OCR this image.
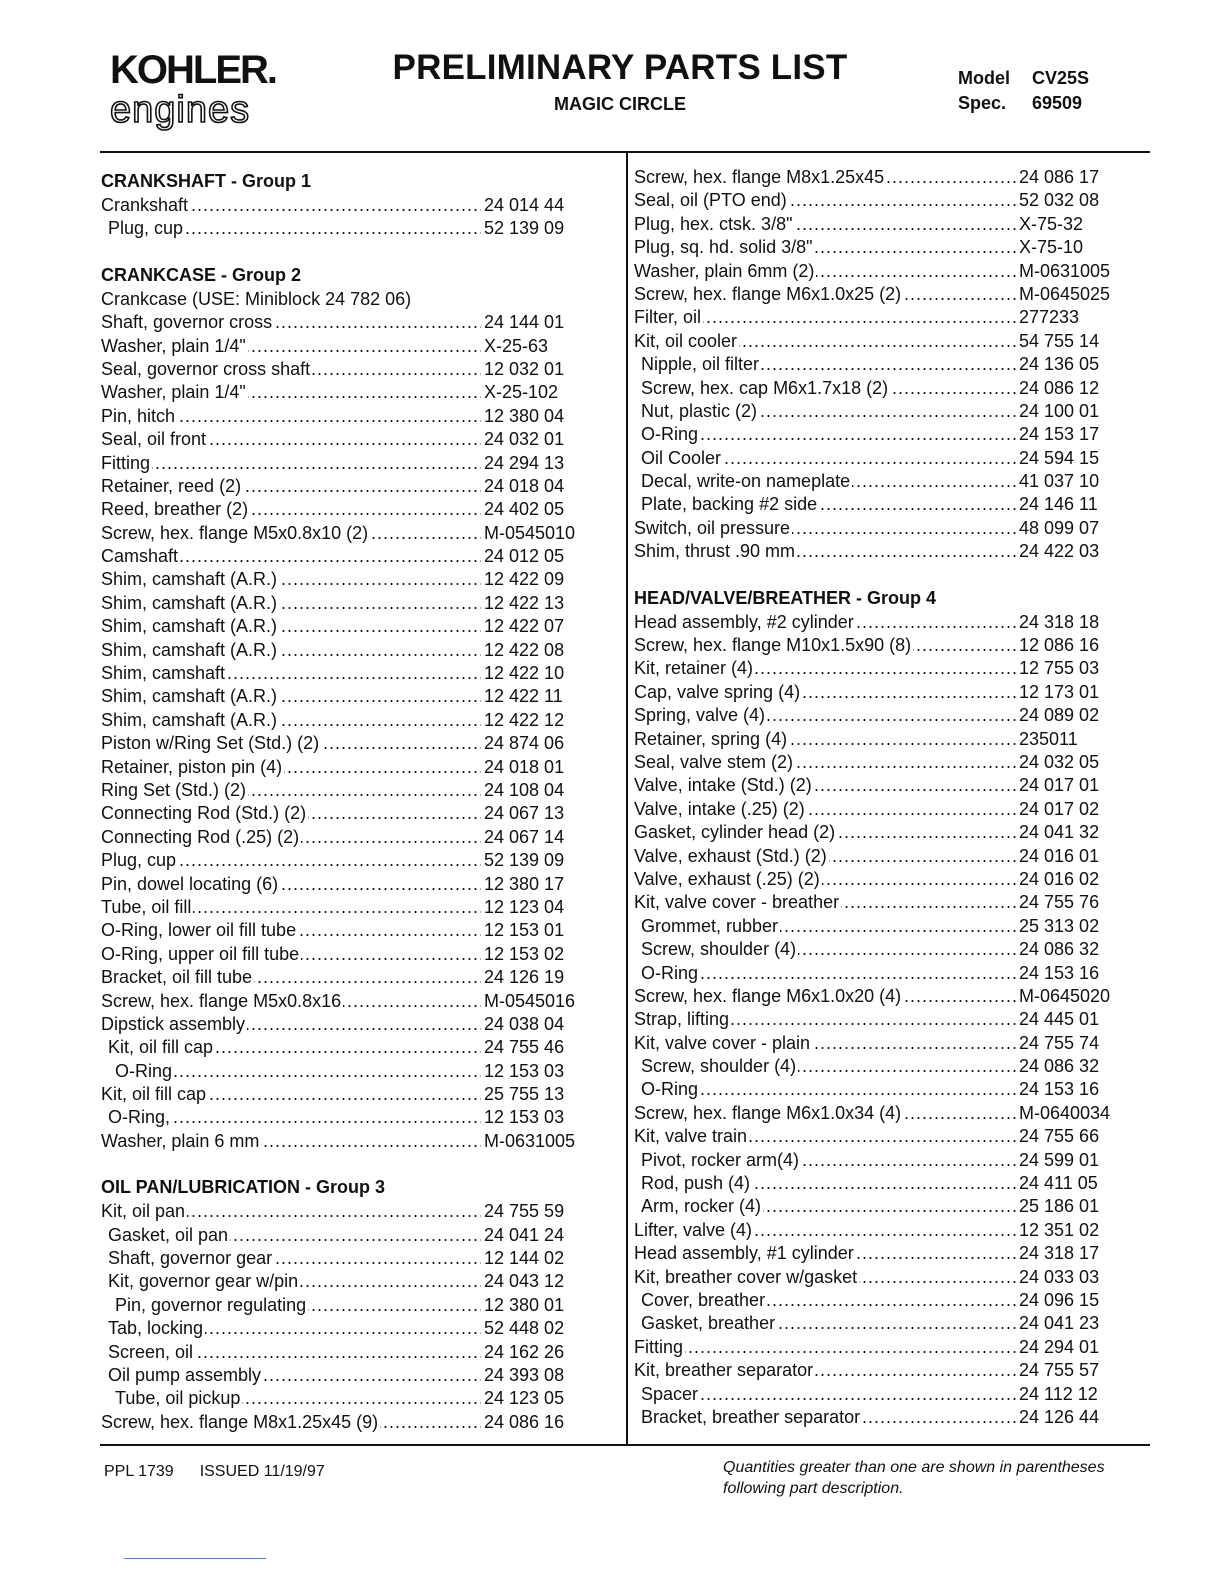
KOHLER.
engines
PRELIMINARY PARTS LIST
MAGIC CIRCLE
Model CV25S
Spec. 69509
CRANKSHAFT - Group 1
.....
Crankshaft	24 014 44
.....
Plug, cup	52 139 09
CRANKCASE - Group 2
Crankcase (USE: Miniblock 24 782 06)
.....
Shaft, governor cross	24 144 01
.....
Washer, plain 1/4"	X-25-63
.....
Seal, governor cross shaft	12 032 01
.....
Washer, plain 1/4"	X-25-102
.....
Pin, hitch	12 380 04
.....
Seal, oil front	24 032 01
.....
Fitting	24 294 13
.....
Retainer, reed (2)	24 018 04
.....
Reed, breather (2)	24 402 05
.....
Screw, hex. flange M5x0.8x10 (2)	M-0545010
.....
Camshaft	24 012 05
.....
Shim, camshaft (A.R.)	12 422 09
.....
Shim, camshaft (A.R.)	12 422 13
.....
Shim, camshaft (A.R.)	12 422 07
.....
Shim, camshaft (A.R.)	12 422 08
.....
Shim, camshaft	12 422 10
.....
Shim, camshaft (A.R.)	12 422 11
.....
Shim, camshaft (A.R.)	12 422 12
.....
Piston w/Ring Set (Std.) (2)	24 874 06
.....
Retainer, piston pin (4)	24 018 01
.....
Ring Set (Std.) (2)	24 108 04
.....
Connecting Rod (Std.) (2)	24 067 13
.....
Connecting Rod (.25) (2)	24 067 14
.....
Plug, cup	52 139 09
.....
Pin, dowel locating (6)	12 380 17
.....
Tube, oil fill	12 123 04
.....
O-Ring, lower oil fill tube	12 153 01
.....
O-Ring, upper oil fill tube	12 153 02
.....
Bracket, oil fill tube	24 126 19
.....
Screw, hex. flange M5x0.8x16	M-0545016
.....
Dipstick assembly	24 038 04
.....
Kit, oil fill cap	24 755 46
.....
O-Ring	12 153 03
.....
Kit, oil fill cap	25 755 13
.....
O-Ring,	12 153 03
.....
Washer, plain 6 mm	M-0631005
OIL PAN/LUBRICATION - Group 3
.....
Kit, oil pan	24 755 59
.....
Gasket, oil pan	24 041 24
.....
Shaft, governor gear	12 144 02
.....
Kit, governor gear w/pin	24 043 12
.....
Pin, governor regulating	12 380 01
.....
Tab, locking	52 448 02
.....
Screen, oil	24 162 26
.....
Oil pump assembly	24 393 08
.....
Tube, oil pickup	24 123 05
.....
Screw, hex. flange M8x1.25x45 (9)	24 086 16
.....
Screw, hex. flange M8x1.25x45	24 086 17
.....
Seal, oil (PTO end)	52 032 08
.....
Plug, hex. ctsk. 3/8"	X-75-32
.....
Plug, sq. hd. solid 3/8"	X-75-10
.....
Washer, plain 6mm (2)	M-0631005
.....
Screw, hex. flange M6x1.0x25 (2)	M-0645025
.....
Filter, oil	277233
.....
Kit, oil cooler	54 755 14
.....
Nipple, oil filter	24 136 05
.....
Screw, hex. cap M6x1.7x18 (2)	24 086 12
.....
Nut, plastic (2)	24 100 01
.....
O-Ring	24 153 17
.....
Oil Cooler	24 594 15
.....
Decal, write-on nameplate	41 037 10
.....
Plate, backing #2 side	24 146 11
.....
Switch, oil pressure	48 099 07
.....
Shim, thrust .90 mm	24 422 03
HEAD/VALVE/BREATHER - Group 4
.....
Head assembly, #2 cylinder	24 318 18
.....
Screw, hex. flange M10x1.5x90 (8)	12 086 16
.....
Kit, retainer (4)	12 755 03
.....
Cap, valve spring (4)	12 173 01
.....
Spring, valve (4)	24 089 02
.....
Retainer, spring (4)	235011
.....
Seal, valve stem (2)	24 032 05
.....
Valve, intake (Std.) (2)	24 017 01
.....
Valve, intake (.25) (2)	24 017 02
.....
Gasket, cylinder head (2)	24 041 32
.....
Valve, exhaust (Std.) (2)	24 016 01
.....
Valve, exhaust (.25) (2)	24 016 02
.....
Kit, valve cover - breather	24 755 76
.....
Grommet, rubber	25 313 02
.....
Screw, shoulder (4)	24 086 32
.....
O-Ring	24 153 16
.....
Screw, hex. flange M6x1.0x20 (4)	M-0645020
.....
Strap, lifting	24 445 01
.....
Kit, valve cover - plain	24 755 74
.....
Screw, shoulder (4)	24 086 32
.....
O-Ring	24 153 16
.....
Screw, hex. flange M6x1.0x34 (4)	M-0640034
.....
Kit, valve train	24 755 66
.....
Pivot, rocker arm(4)	24 599 01
.....
Rod, push (4)	24 411 05
.....
Arm, rocker (4)	25 186 01
.....
Lifter, valve (4)	12 351 02
.....
Head assembly, #1 cylinder	24 318 17
.....
Kit, breather cover w/gasket	24 033 03
.....
Cover, breather	24 096 15
.....
Gasket, breather	24 041 23
.....
Fitting	24 294 01
.....
Kit, breather separator	24 755 57
.....
Spacer	24 112 12
.....
Bracket, breather separator	24 126 44
PPL 1739 ISSUED 11/19/97	Quantities greater than one are shown in parentheses following part description.
